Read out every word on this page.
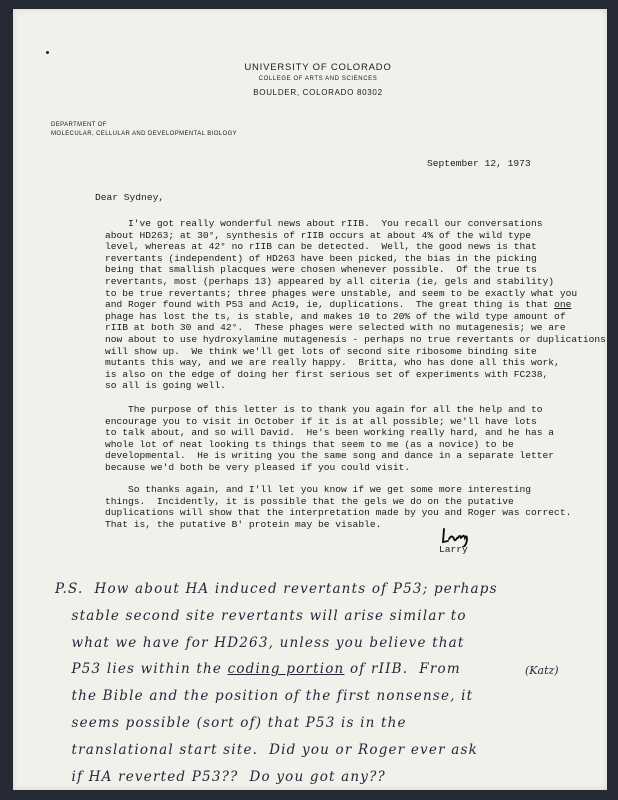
UNIVERSITY OF COLORADO
COLLEGE OF ARTS AND SCIENCES
BOULDER, COLORADO 80302
DEPARTMENT OF
MOLECULAR, CELLULAR AND DEVELOPMENTAL BIOLOGY
September 12, 1973
Dear Sydney,
I've got really wonderful news about rIIB.  You recall our conversations
about HD263; at 30°, synthesis of rIIB occurs at about 4% of the wild type
level, whereas at 42° no rIIB can be detected.  Well, the good news is that
revertants (independent) of HD263 have been picked, the bias in the picking
being that smallish placques were chosen whenever possible.  Of the true ts
revertants, most (perhaps 13) appeared by all citeria (ie, gels and stability)
to be true revertants; three phages were unstable, and seem to be exactly what you
and Roger found with P53 and Ac19, ie, duplications.  The great thing is that one
phage has lost the ts, is stable, and makes 10 to 20% of the wild type amount of
rIIB at both 30 and 42°.  These phages were selected with no mutagenesis; we are
now about to use hydroxylamine mutagenesis - perhaps no true revertants or duplications
will show up.  We think we'll get lots of second site ribosome binding site
mutants this way, and we are really happy.  Britta, who has done all this work,
is also on the edge of doing her first serious set of experiments with FC238,
so all is going well.
The purpose of this letter is to thank you again for all the help and to
encourage you to visit in October if it is at all possible; we'll have lots
to talk about, and so will David.  He's been working really hard, and he has a
whole lot of neat looking ts things that seem to me (as a novice) to be
developmental.  He is writing you the same song and dance in a separate letter
because we'd both be very pleased if you could visit.
So thanks again, and I'll let you know if we get some more interesting
things.  Incidently, it is possible that the gels we do on the putative
duplications will show that the interpretation made by you and Roger was correct.
That is, the putative B' protein may be visable.
Larry
(Katz)
P.S.  How about HA induced revertants of P53; perhaps
stable second site revertants will arise similar to
what we have for HD263, unless you believe that
P53 lies within the coding portion of rIIB.  From
the Bible and the position of the first nonsense, it
seems possible (sort of) that P53 is in the
translational start site.  Did you or Roger ever ask
if HA reverted P53??  Do you got any??
